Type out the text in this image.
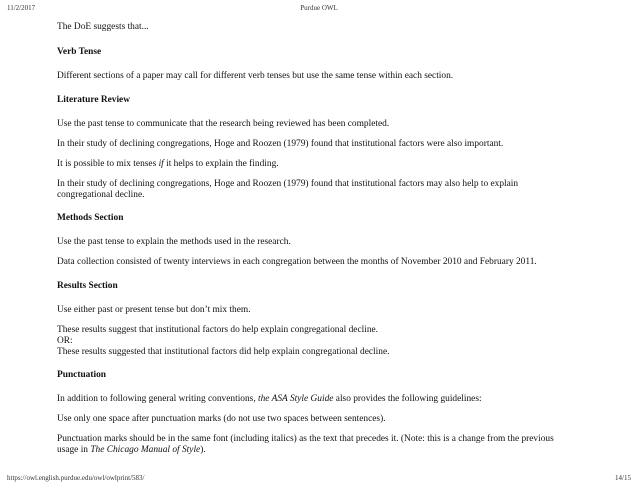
11/2/2017	Purdue OWL

The DoE suggests that...

Verb Tense

Different sections of a paper may call for different verb tenses but use the same tense within each section.

Literature Review

Use the past tense to communicate that the research being reviewed has been completed.

In their study of declining congregations, Hoge and Roozen (1979) found that institutional factors were also important.

It is possible to mix tenses if it helps to explain the finding.

In their study of declining congregations, Hoge and Roozen (1979) found that institutional factors may also help to explain
congregational decline.

Methods Section

Use the past tense to explain the methods used in the research.

Data collection consisted of twenty interviews in each congregation between the months of November 2010 and February 2011.

Results Section

Use either past or present tense but don’t mix them.

These results suggest that institutional factors do help explain congregational decline.
OR:
These results suggested that institutional factors did help explain congregational decline.

Punctuation

In addition to following general writing conventions, the ASA Style Guide also provides the following guidelines:

Use only one space after punctuation marks (do not use two spaces between sentences).

Punctuation marks should be in the same font (including italics) as the text that precedes it. (Note: this is a change from the previous
usage in The Chicago Manual of Style).

https://owl.english.purdue.edu/owl/owlprint/583/	14/15
